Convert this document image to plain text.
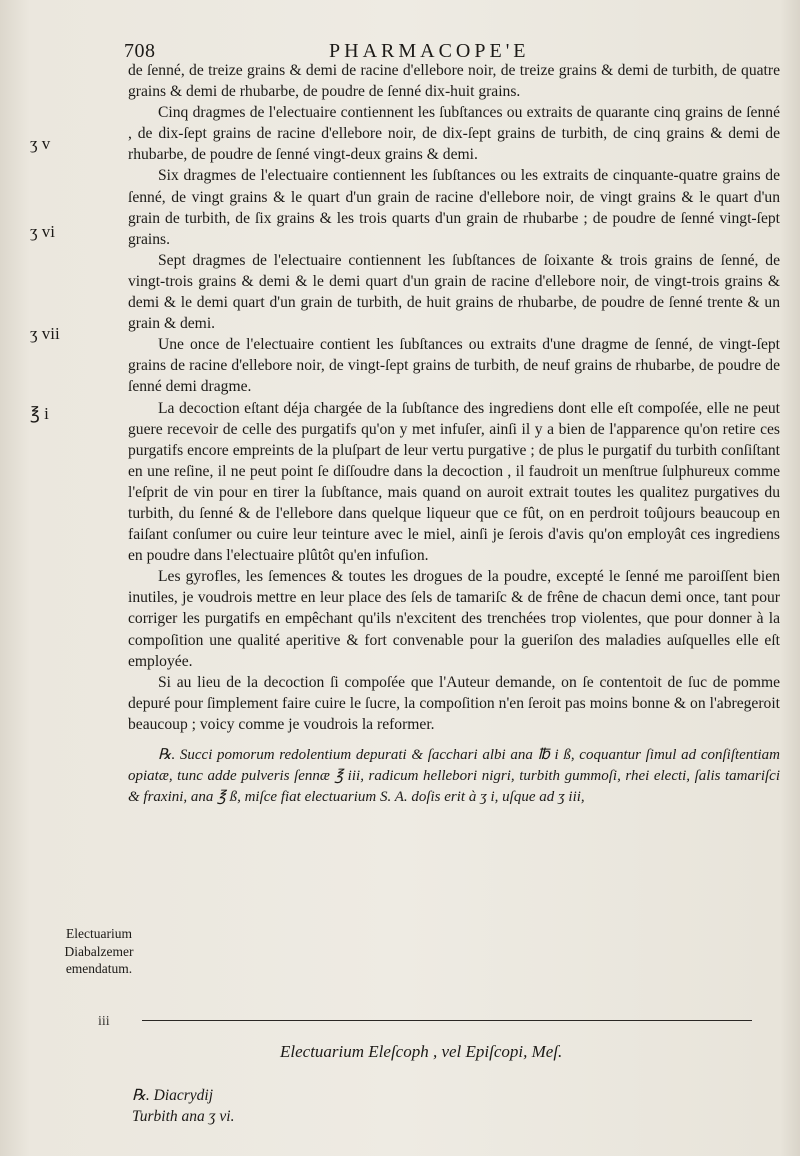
708	PHARMACOPE'E

de ſenné, de treize grains & demi de racine d'ellebore noir, de treize grains & demi de turbith, de quatre grains & demi de rhubarbe, de poudre de ſenné dix-huit grains.

Cinq dragmes de l'electuaire contiennent les ſubſtances ou extraits de quarante cinq grains de ſenné , de dix-ſept grains de racine d'ellebore noir, de dix-ſept grains de turbith, de cinq grains & demi de rhubarbe, de poudre de ſenné vingt-deux grains & demi.

Six dragmes de l'electuaire contiennent les ſubſtances ou les extraits de cinquante-quatre grains de ſenné, de vingt grains & le quart d'un grain de racine d'ellebore noir, de vingt grains & le quart d'un grain de turbith, de ſix grains & les trois quarts d'un grain de rhubarbe ; de poudre de ſenné vingt-ſept grains.

Sept dragmes de l'electuaire contiennent les ſubſtances de ſoixante & trois grains de ſenné, de vingt-trois grains & demi & le demi quart d'un grain de racine d'ellebore noir, de vingt-trois grains & demi & le demi quart d'un grain de turbith, de huit grains de rhubarbe, de poudre de ſenné trente & un grain & demi.

Une once de l'electuaire contient les ſubſtances ou extraits d'une dragme de ſenné, de vingt-ſept grains de racine d'ellebore noir, de vingt-ſept grains de turbith, de neuf grains de rhubarbe, de poudre de ſenné demi dragme.

La decoction eſtant déja chargée de la ſubſtance des ingrediens dont elle eſt compoſée, elle ne peut guere recevoir de celle des purgatifs qu'on y met infuſer, ainſi il y a bien de l'apparence qu'on retire ces purgatifs encore empreints de la pluſpart de leur vertu purgative ; de plus le purgatif du turbith conſiſtant en une reſine, il ne peut point ſe diſſoudre dans la decoction , il faudroit un menſtrue ſulphureux comme l'eſprit de vin pour en tirer la ſubſtance, mais quand on auroit extrait toutes les qualitez purgatives du turbith, du ſenné & de l'ellebore dans quelque liqueur que ce fût, on en perdroit toûjours beaucoup en faiſant conſumer ou cuire leur teinture avec le miel, ainſi je ſerois d'avis qu'on employât ces ingrediens en poudre dans l'electuaire plûtôt qu'en infuſion.

Les gyrofles, les ſemences & toutes les drogues de la poudre, excepté le ſenné me paroiſſent bien inutiles, je voudrois mettre en leur place des ſels de tamariſc & de frêne de chacun demi once, tant pour corriger les purgatifs en empêchant qu'ils n'excitent des trenchées trop violentes, que pour donner à la compoſition une qualité aperitive & fort convenable pour la gueriſon des maladies auſquelles elle eſt employée.

Si au lieu de la decoction ſi compoſée que l'Auteur demande, on ſe contentoit de ſuc de pomme depuré pour ſimplement faire cuire le ſucre, la compoſition n'en ſeroit pas moins bonne & on l'abregeroit beaucoup ; voicy comme je voudrois la reformer.

℞. Succi pomorum redolentium depurati & ſacchari albi ana ℔ i ß, coquantur ſimul ad conſiſtentiam opiatæ, tunc adde pulveris ſennæ ℥ iii, radicum hellebori nigri, turbith gummoſi, rhei electi, ſalis tamariſci & fraxini, ana ℥ ß, miſce fiat electuarium S. A. doſis erit à ʒ i, uſque ad ʒ iii,

ʒ v
ʒ vi
ʒ vii
℥ i
Electuarium Diabalzemer emendatum.
iii
Electuarium Eleſcoph , vel Epiſcopi, Meſ.
℞. Diacrydij
Turbith ana ʒ vi.
